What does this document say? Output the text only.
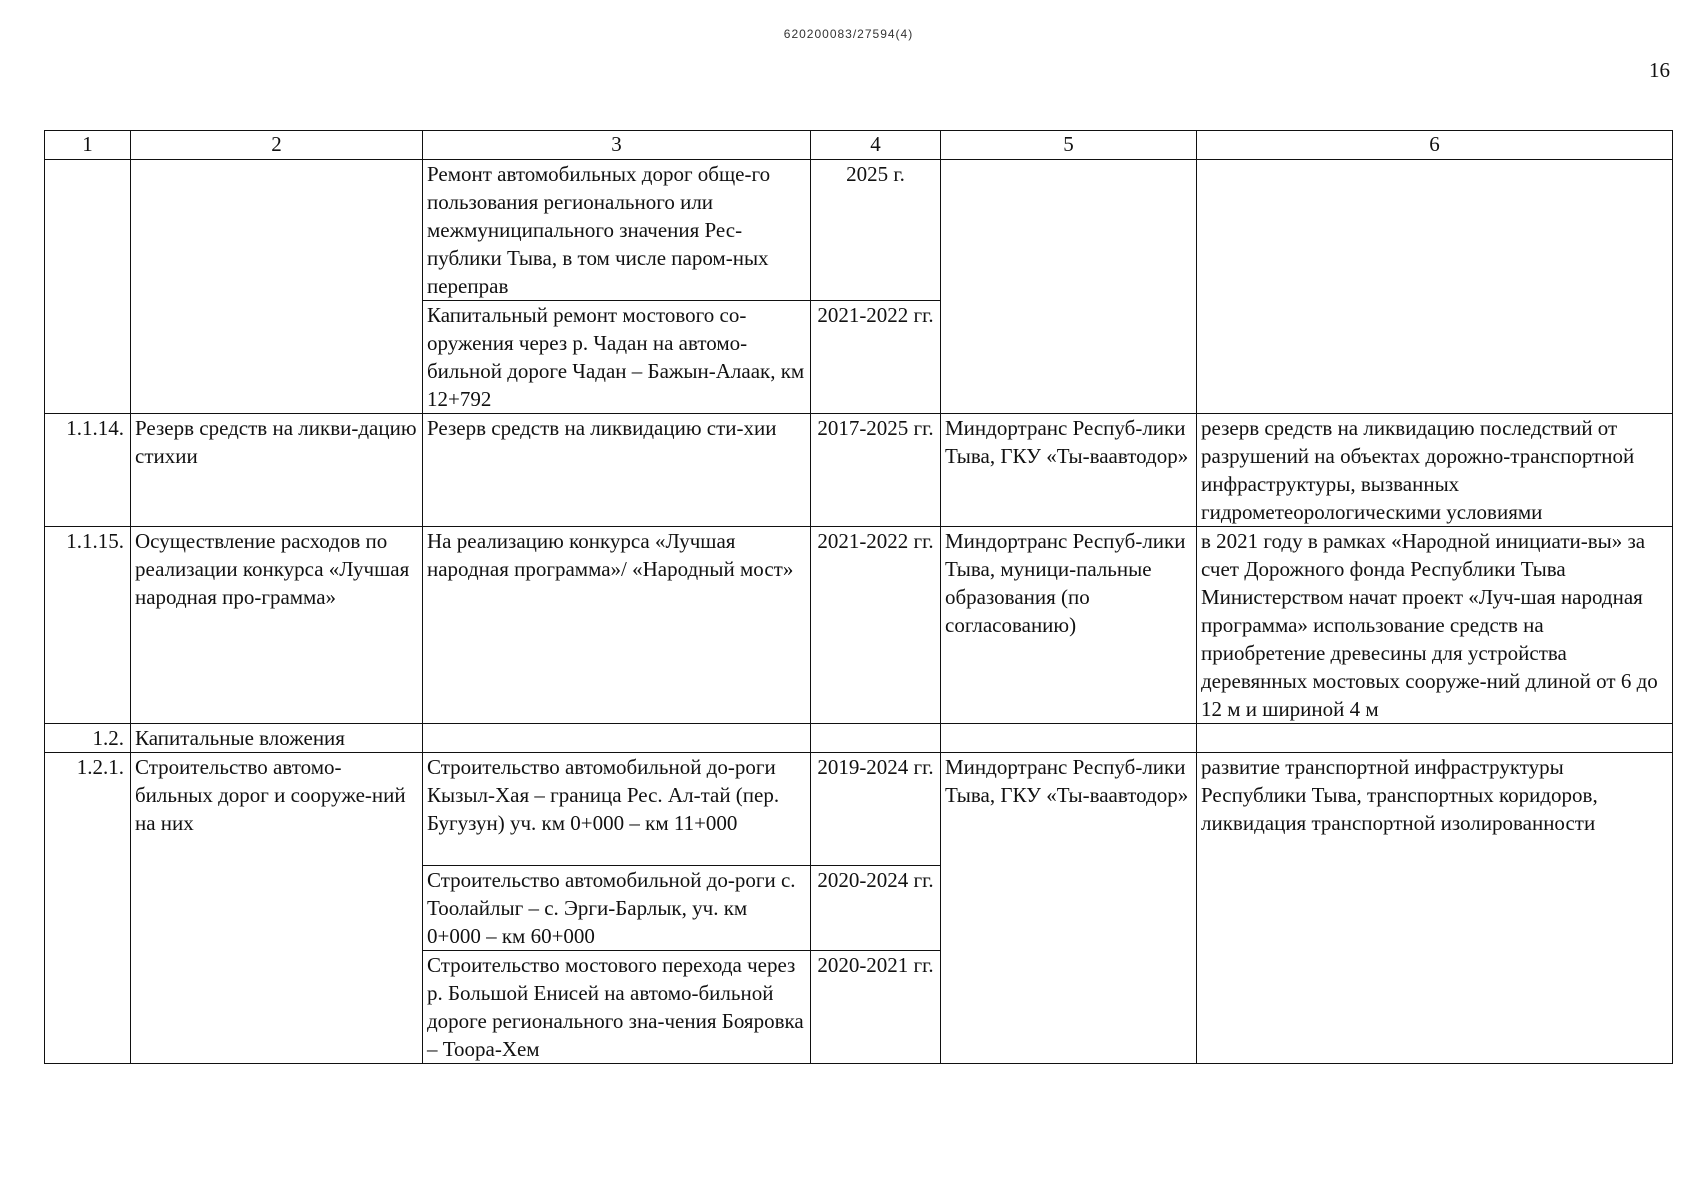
620200083/27594(4)
16
1	2	3	4	5	6
		Ремонт автомобильных дорог обще-го пользования регионального или межмуниципального значения Рес-публики Тыва, в том числе паром-ных переправ	2025 г.		
		Капитальный ремонт мостового со-оружения через р. Чадан на автомо-бильной дороге Чадан – Бажын-Алаак, км 12+792	2021-2022 гг.		
1.1.14.	Резерв средств на ликви-дацию стихии	Резерв средств на ликвидацию сти-хии	2017-2025 гг.	Миндортранс Респуб-лики Тыва, ГКУ «Ты-ваавтодор»	резерв средств на ликвидацию последствий от разрушений на объектах дорожно-транспортной инфраструктуры, вызванных гидрометеорологическими условиями
1.1.15.	Осуществление расходов по реализации конкурса «Лучшая народная про-грамма»	На реализацию конкурса «Лучшая народная программа»/ «Народный мост»	2021-2022 гг.	Миндортранс Респуб-лики Тыва, муници-пальные образования (по согласованию)	в 2021 году в рамках «Народной инициати-вы» за счет Дорожного фонда Республики Тыва Министерством начат проект «Луч-шая народная программа» использование средств на приобретение древесины для устройства деревянных мостовых сооруже-ний длиной от 6 до 12 м и шириной 4 м
1.2.	Капитальные вложения				
1.2.1.	Строительство автомо-бильных дорог и сооруже-ний на них	Строительство автомобильной до-роги Кызыл-Хая – граница Рес. Ал-тай (пер. Бугузун) уч. км 0+000 – км 11+000	2019-2024 гг.	Миндортранс Респуб-лики Тыва, ГКУ «Ты-ваавтодор»	развитие транспортной инфраструктуры Республики Тыва, транспортных коридоров, ликвидация транспортной изолированности
		Строительство автомобильной до-роги с. Тоолайлыг – с. Эрги-Барлык, уч. км 0+000 – км 60+000	2020-2024 гг.		
		Строительство мостового перехода через р. Большой Енисей на автомо-бильной дороге регионального зна-чения Бояровка – Тоора-Хем	2020-2021 гг.		
